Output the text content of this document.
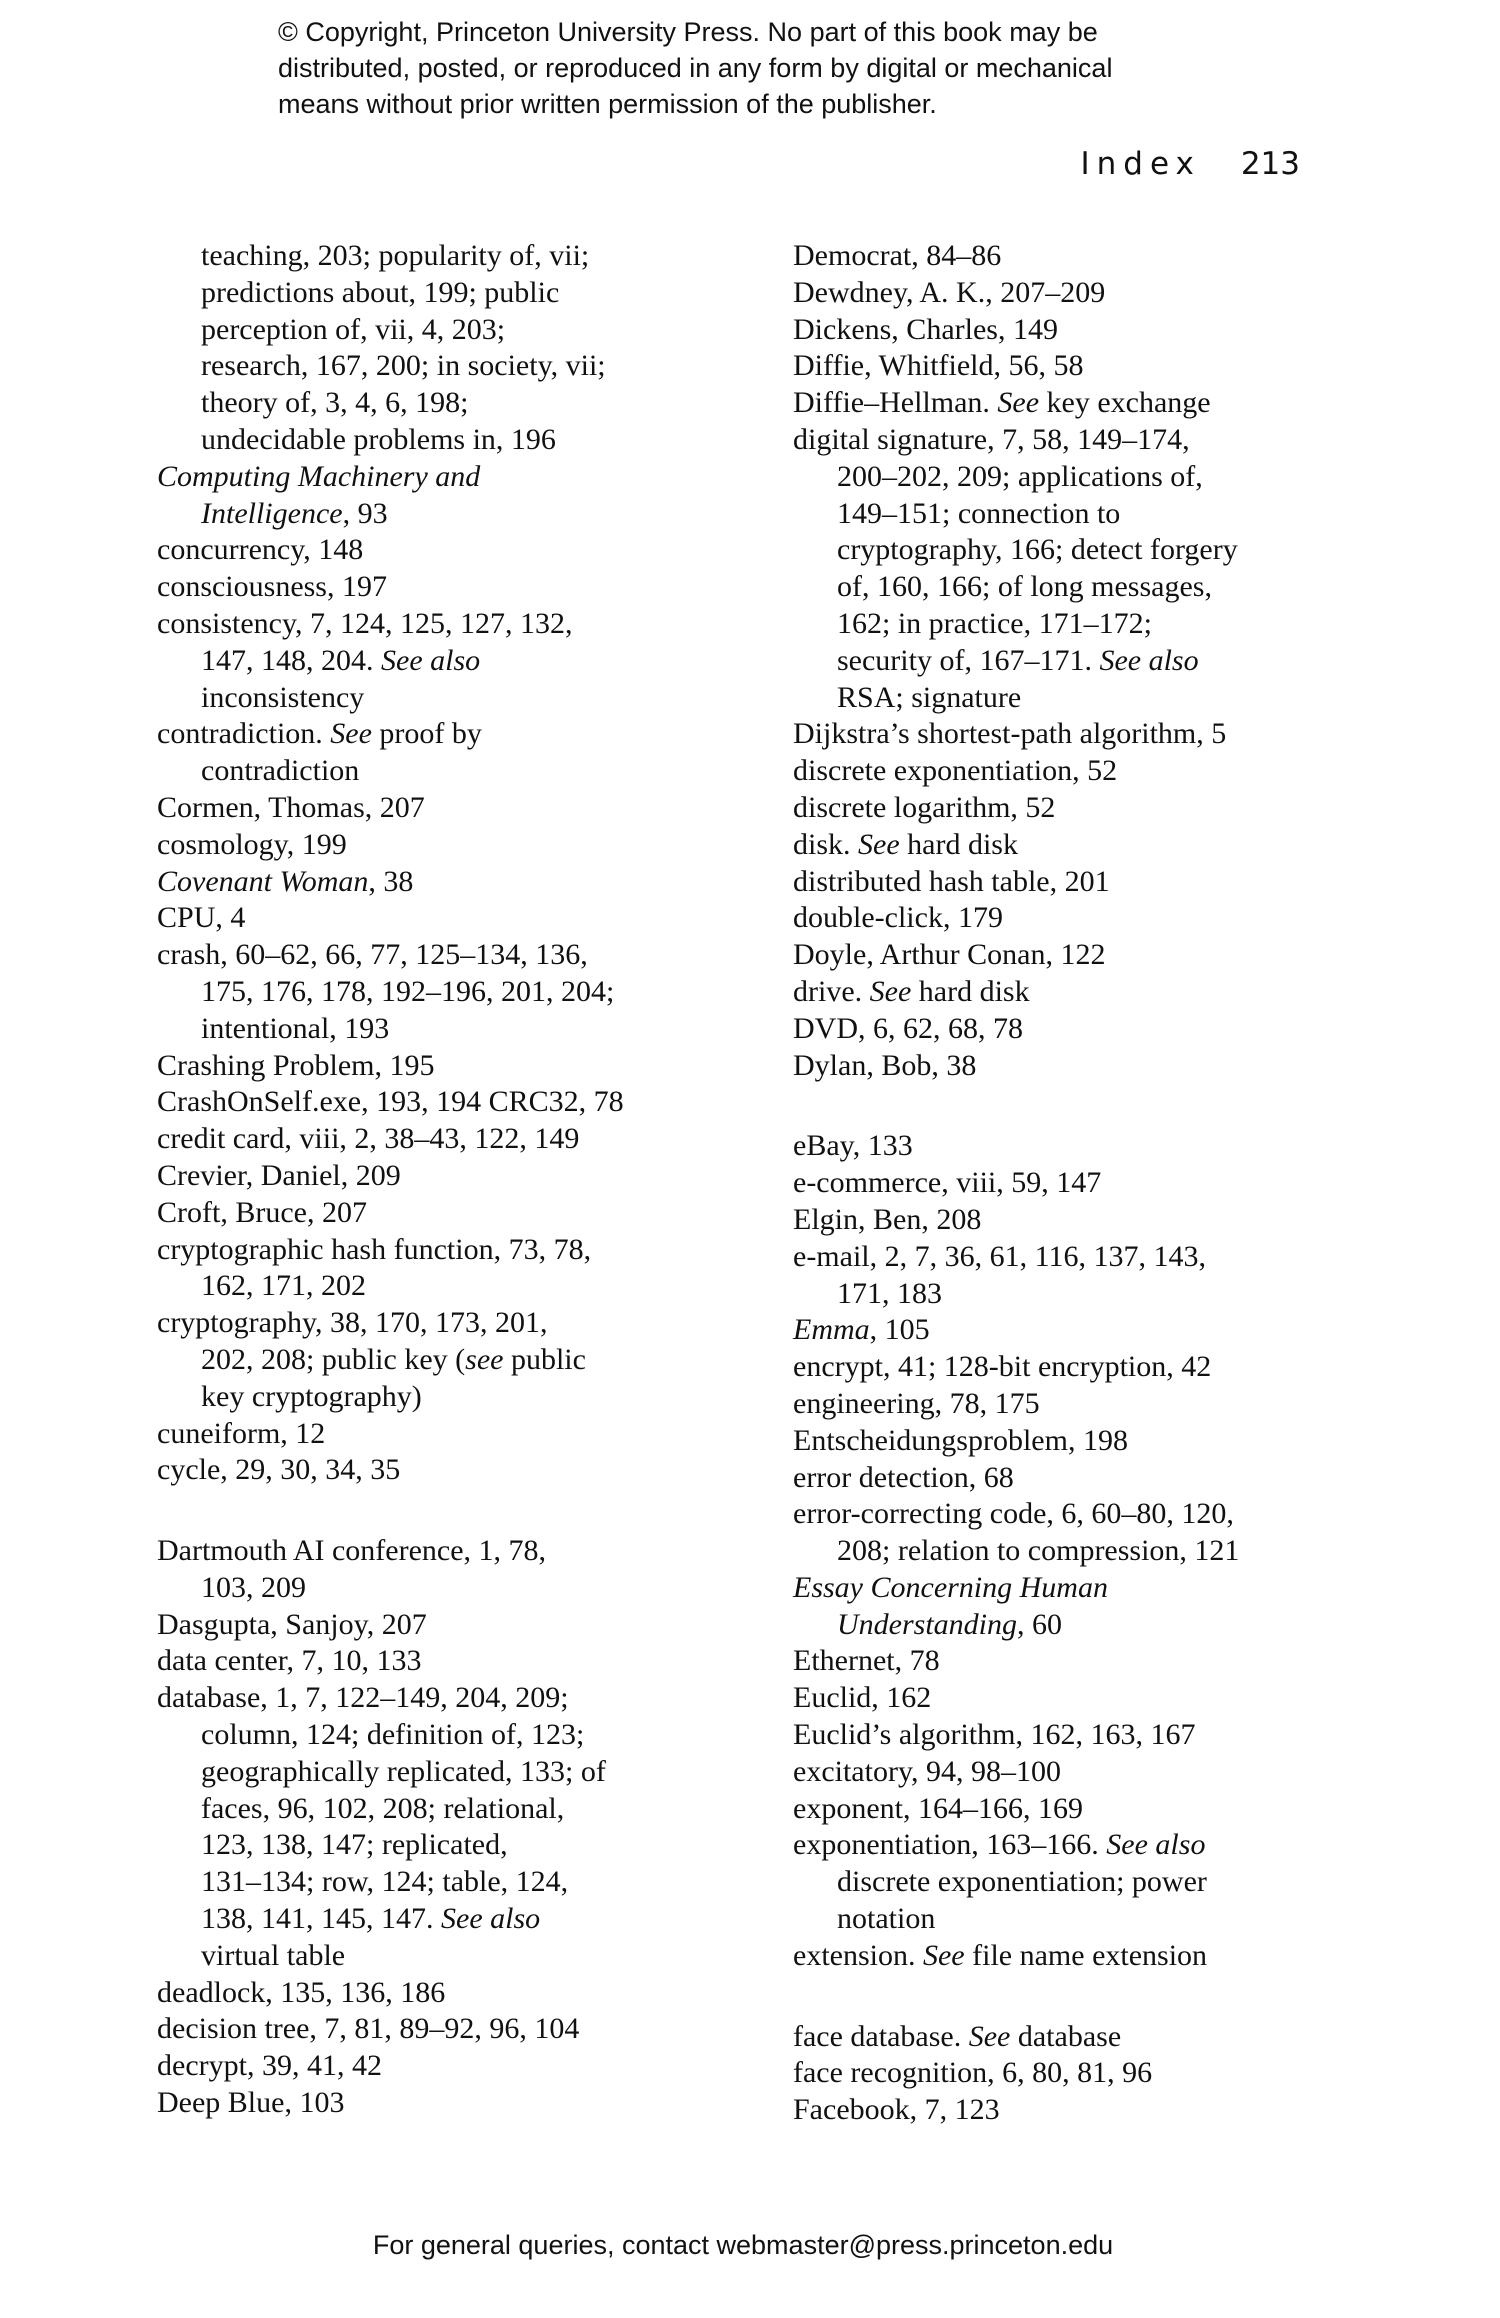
© Copyright, Princeton University Press. No part of this book may be
distributed, posted, or reproduced in any form by digital or mechanical
means without prior written permission of the publisher.
Index 213
teaching, 203; popularity of, vii;
predictions about, 199; public
perception of, vii, 4, 203;
research, 167, 200; in society, vii;
theory of, 3, 4, 6, 198;
undecidable problems in, 196
Computing Machinery and
Intelligence, 93
concurrency, 148
consciousness, 197
consistency, 7, 124, 125, 127, 132,
147, 148, 204. See also
inconsistency
contradiction. See proof by
contradiction
Cormen, Thomas, 207
cosmology, 199
Covenant Woman, 38
CPU, 4
crash, 60–62, 66, 77, 125–134, 136,
175, 176, 178, 192–196, 201, 204;
intentional, 193
Crashing Problem, 195
CrashOnSelf.exe, 193, 194 CRC32, 78
credit card, viii, 2, 38–43, 122, 149
Crevier, Daniel, 209
Croft, Bruce, 207
cryptographic hash function, 73, 78,
162, 171, 202
cryptography, 38, 170, 173, 201,
202, 208; public key (see public
key cryptography)
cuneiform, 12
cycle, 29, 30, 34, 35
Dartmouth AI conference, 1, 78,
103, 209
Dasgupta, Sanjoy, 207
data center, 7, 10, 133
database, 1, 7, 122–149, 204, 209;
column, 124; definition of, 123;
geographically replicated, 133; of
faces, 96, 102, 208; relational,
123, 138, 147; replicated,
131–134; row, 124; table, 124,
138, 141, 145, 147. See also
virtual table
deadlock, 135, 136, 186
decision tree, 7, 81, 89–92, 96, 104
decrypt, 39, 41, 42
Deep Blue, 103
Democrat, 84–86
Dewdney, A. K., 207–209
Dickens, Charles, 149
Diffie, Whitfield, 56, 58
Diffie–Hellman. See key exchange
digital signature, 7, 58, 149–174,
200–202, 209; applications of,
149–151; connection to
cryptography, 166; detect forgery
of, 160, 166; of long messages,
162; in practice, 171–172;
security of, 167–171. See also
RSA; signature
Dijkstra’s shortest-path algorithm, 5
discrete exponentiation, 52
discrete logarithm, 52
disk. See hard disk
distributed hash table, 201
double-click, 179
Doyle, Arthur Conan, 122
drive. See hard disk
DVD, 6, 62, 68, 78
Dylan, Bob, 38
eBay, 133
e-commerce, viii, 59, 147
Elgin, Ben, 208
e-mail, 2, 7, 36, 61, 116, 137, 143,
171, 183
Emma, 105
encrypt, 41; 128-bit encryption, 42
engineering, 78, 175
Entscheidungsproblem, 198
error detection, 68
error-correcting code, 6, 60–80, 120,
208; relation to compression, 121
Essay Concerning Human
Understanding, 60
Ethernet, 78
Euclid, 162
Euclid’s algorithm, 162, 163, 167
excitatory, 94, 98–100
exponent, 164–166, 169
exponentiation, 163–166. See also
discrete exponentiation; power
notation
extension. See file name extension
face database. See database
face recognition, 6, 80, 81, 96
Facebook, 7, 123
For general queries, contact webmaster@press.princeton.edu
